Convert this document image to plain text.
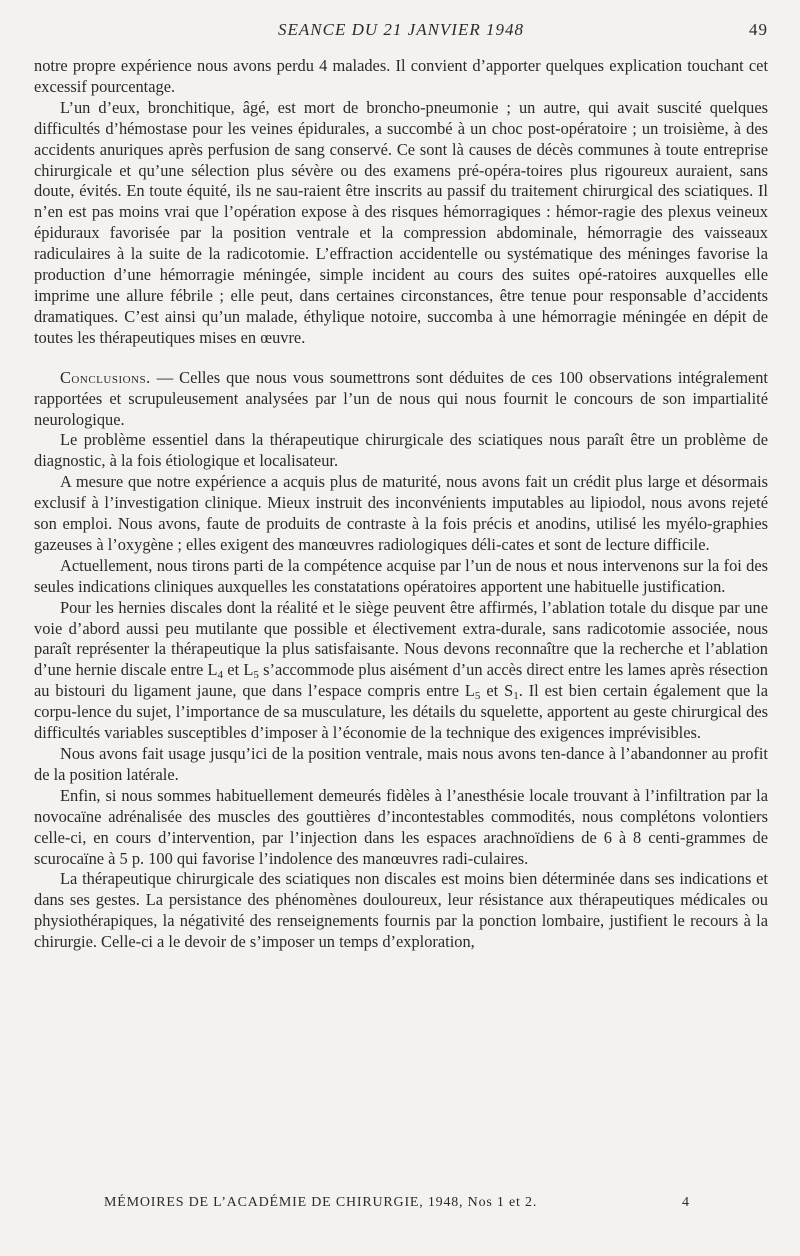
SEANCE DU 21 JANVIER 1948	49

notre propre expérience nous avons perdu 4 malades. Il convient d’apporter quelques explication touchant cet excessif pourcentage.

L’un d’eux, bronchitique, âgé, est mort de broncho-pneumonie ; un autre, qui avait suscité quelques difficultés d’hémostase pour les veines épidurales, a succombé à un choc post-opératoire ; un troisième, à des accidents anuriques après perfusion de sang conservé. Ce sont là causes de décès communes à toute entreprise chirurgicale et qu’une sélection plus sévère ou des examens pré-opéra-toires plus rigoureux auraient, sans doute, évités. En toute équité, ils ne sau-raient être inscrits au passif du traitement chirurgical des sciatiques. Il n’en est pas moins vrai que l’opération expose à des risques hémorragiques : hémor-ragie des plexus veineux épiduraux favorisée par la position ventrale et la compression abdominale, hémorragie des vaisseaux radiculaires à la suite de la radicotomie. L’effraction accidentelle ou systématique des méninges favorise la production d’une hémorragie méningée, simple incident au cours des suites opé-ratoires auxquelles elle imprime une allure fébrile ; elle peut, dans certaines circonstances, être tenue pour responsable d’accidents dramatiques. C’est ainsi qu’un malade, éthylique notoire, succomba à une hémorragie méningée en dépit de toutes les thérapeutiques mises en œuvre.

Conclusions. — Celles que nous vous soumettrons sont déduites de ces 100 observations intégralement rapportées et scrupuleusement analysées par l’un de nous qui nous fournit le concours de son impartialité neurologique.

Le problème essentiel dans la thérapeutique chirurgicale des sciatiques nous paraît être un problème de diagnostic, à la fois étiologique et localisateur.

A mesure que notre expérience a acquis plus de maturité, nous avons fait un crédit plus large et désormais exclusif à l’investigation clinique. Mieux instruit des inconvénients imputables au lipiodol, nous avons rejeté son emploi. Nous avons, faute de produits de contraste à la fois précis et anodins, utilisé les myélo-graphies gazeuses à l’oxygène ; elles exigent des manœuvres radiologiques déli-cates et sont de lecture difficile.

Actuellement, nous tirons parti de la compétence acquise par l’un de nous et nous intervenons sur la foi des seules indications cliniques auxquelles les constatations opératoires apportent une habituelle justification.

Pour les hernies discales dont la réalité et le siège peuvent être affirmés, l’ablation totale du disque par une voie d’abord aussi peu mutilante que possible et électivement extra-durale, sans radicotomie associée, nous paraît représenter la thérapeutique la plus satisfaisante. Nous devons reconnaître que la recherche et l’ablation d’une hernie discale entre $L_4$ et $L_5$ s’accommode plus aisément d’un accès direct entre les lames après résection au bistouri du ligament jaune, que dans l’espace compris entre $L_5$ et $S_1$. Il est bien certain également que la corpu-lence du sujet, l’importance de sa musculature, les détails du squelette, apportent au geste chirurgical des difficultés variables susceptibles d’imposer à l’économie de la technique des exigences imprévisibles.

Nous avons fait usage jusqu’ici de la position ventrale, mais nous avons ten-dance à l’abandonner au profit de la position latérale.

Enfin, si nous sommes habituellement demeurés fidèles à l’anesthésie locale trouvant à l’infiltration par la novocaïne adrénalisée des muscles des gouttières d’incontestables commodités, nous complétons volontiers celle-ci, en cours d’intervention, par l’injection dans les espaces arachnoïdiens de 6 à 8 centi-grammes de scurocaïne à 5 p. 100 qui favorise l’indolence des manœuvres radi-culaires.

La thérapeutique chirurgicale des sciatiques non discales est moins bien déterminée dans ses indications et dans ses gestes. La persistance des phénomènes douloureux, leur résistance aux thérapeutiques médicales ou physiothérapiques, la négativité des renseignements fournis par la ponction lombaire, justifient le recours à la chirurgie. Celle-ci a le devoir de s’imposer un temps d’exploration,

MÉMOIRES DE L’ACADÉMIE DE CHIRURGIE, 1948, Nos 1 et 2.	4
